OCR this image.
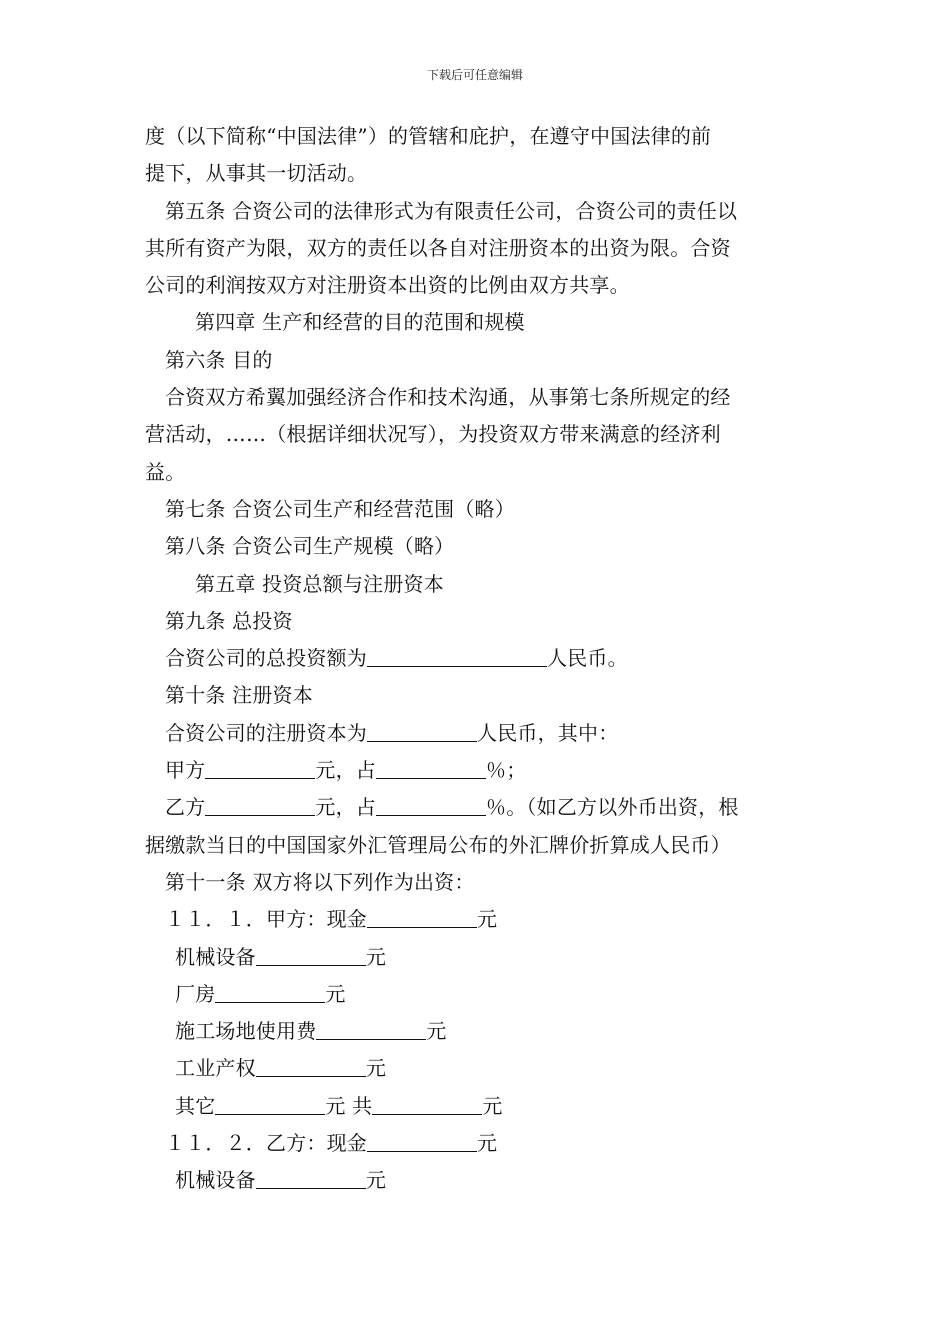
下载后可任意编辑
度（以下简称“中国法律”）的管辖和庇护，在遵守中国法律的前
提下，从事其一切活动。
第五条 合资公司的法律形式为有限责任公司，合资公司的责任以
其所有资产为限，双方的责任以各自对注册资本的出资为限。合资
公司的利润按双方对注册资本出资的比例由双方共享。
第四章 生产和经营的目的范围和规模
第六条 目的
合资双方希翼加强经济合作和技术沟通，从事第七条所规定的经
营活动，……（根据详细状况写），为投资双方带来满意的经济利
益。
第七条 合资公司生产和经营范围（略）
第八条 合资公司生产规模（略）
第五章 投资总额与注册资本
第九条 总投资
合资公司的总投资额为	人民币。
第十条 注册资本
合资公司的注册资本为	人民币，其中：
甲方	元，占	％；
乙方	元，占	％。（如乙方以外币出资，根
据缴款当日的中国国家外汇管理局公布的外汇牌价折算成人民币）
第十一条 双方将以下列作为出资：
１１．１．甲方：现金	元
机械设备	元
厂房	元
施工场地使用费	元
工业产权	元
其它	元 共	元
１１．２．乙方：现金	元
机械设备	元
